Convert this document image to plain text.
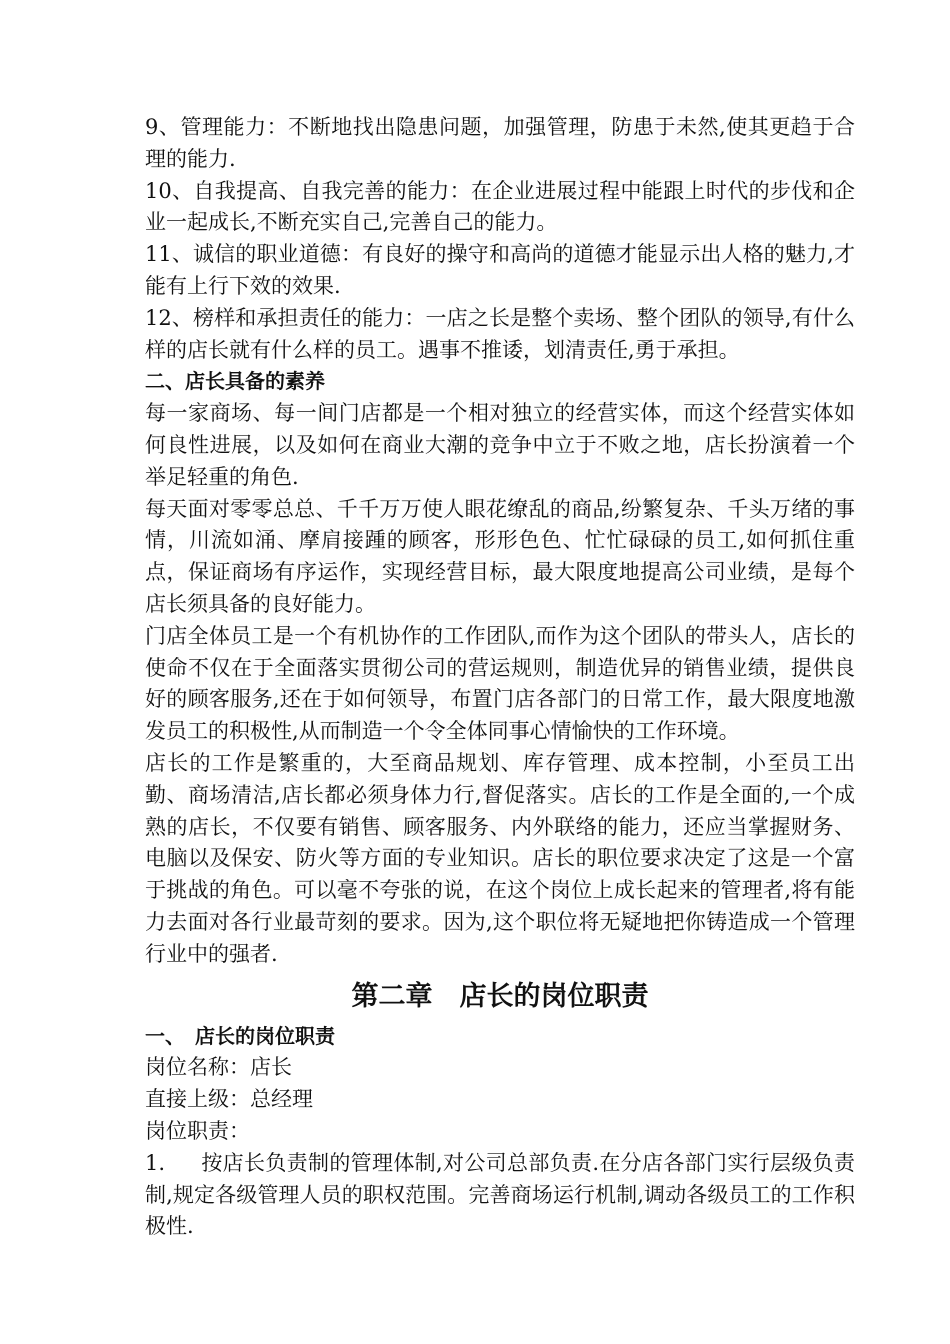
9、管理能力：不断地找出隐患问题，加强管理，防患于未然,使其更趋于合理的能力.

10、自我提高、自我完善的能力：在企业进展过程中能跟上时代的步伐和企业一起成长,不断充实自己,完善自己的能力。

11、诚信的职业道德：有良好的操守和高尚的道德才能显示出人格的魅力,才能有上行下效的效果.

12、榜样和承担责任的能力：一店之长是整个卖场、整个团队的领导,有什么样的店长就有什么样的员工。遇事不推诿，划清责任,勇于承担。

二、店长具备的素养

每一家商场、每一间门店都是一个相对独立的经营实体，而这个经营实体如何良性进展，以及如何在商业大潮的竞争中立于不败之地，店长扮演着一个举足轻重的角色.

每天面对零零总总、千千万万使人眼花缭乱的商品,纷繁复杂、千头万绪的事情，川流如涌、摩肩接踵的顾客，形形色色、忙忙碌碌的员工,如何抓住重点，保证商场有序运作，实现经营目标，最大限度地提高公司业绩，是每个店长须具备的良好能力。

门店全体员工是一个有机协作的工作团队,而作为这个团队的带头人，店长的使命不仅在于全面落实贯彻公司的营运规则，制造优异的销售业绩，提供良好的顾客服务,还在于如何领导，布置门店各部门的日常工作，最大限度地激发员工的积极性,从而制造一个令全体同事心情愉快的工作环境。

店长的工作是繁重的，大至商品规划、库存管理、成本控制，小至员工出勤、商场清洁,店长都必须身体力行,督促落实。店长的工作是全面的,一个成熟的店长，不仅要有销售、顾客服务、内外联络的能力，还应当掌握财务、电脑以及保安、防火等方面的专业知识。店长的职位要求决定了这是一个富于挑战的角色。可以毫不夸张的说，在这个岗位上成长起来的管理者,将有能力去面对各行业最苛刻的要求。因为,这个职位将无疑地把你铸造成一个管理行业中的强者.

第二章　店长的岗位职责

一、　店长的岗位职责

岗位名称：店长

直接上级：总经理

岗位职责：

1. 按店长负责制的管理体制,对公司总部负责.在分店各部门实行层级负责制,规定各级管理人员的职权范围。完善商场运行机制,调动各级员工的工作积极性.
